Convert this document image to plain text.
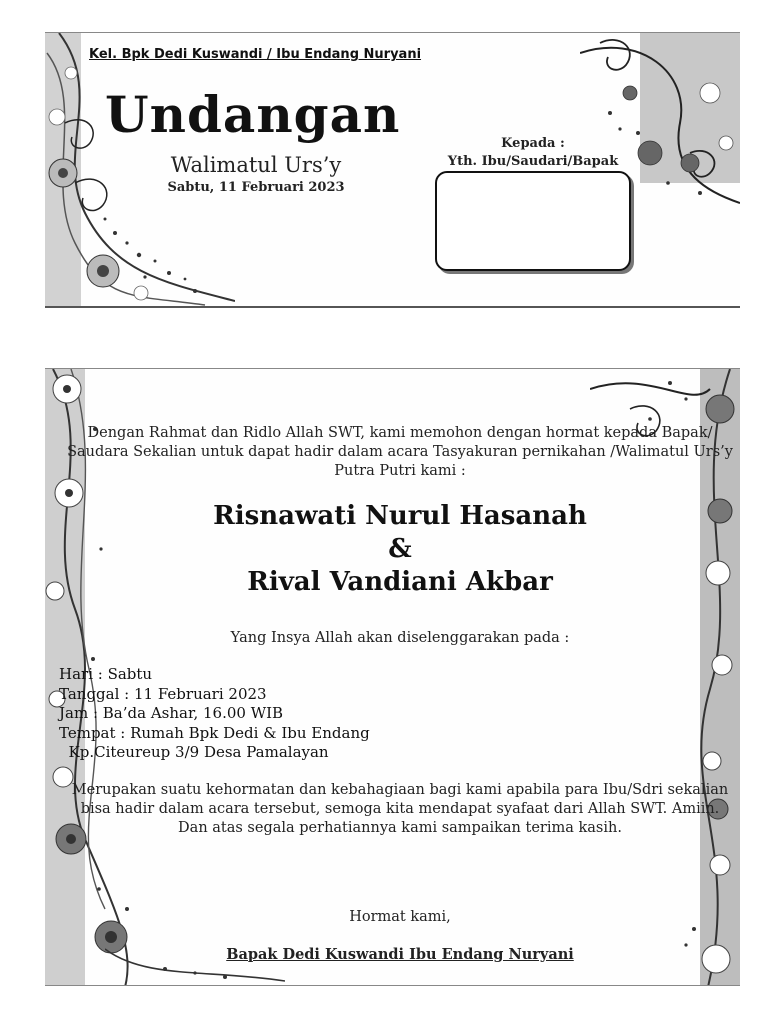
Kel. Bpk Dedi Kuswandi / Ibu Endang Nuryani
Undangan
Walimatul Urs’y
Sabtu, 11 Februari 2023
Kepada :
Yth. Ibu/Saudari/Bapak
Dengan Rahmat dan Ridlo Allah SWT, kami memohon dengan hormat kepada Bapak/
Saudara Sekalian untuk dapat hadir dalam acara Tasyakuran pernikahan /Walimatul Urs’y
Putra Putri kami :
Risnawati Nurul Hasanah
&
Rival Vandiani Akbar
Yang Insya Allah akan diselenggarakan pada :
Hari : Sabtu
Tanggal : 11 Februari 2023
Jam : Ba’da Ashar, 16.00 WIB
Tempat : Rumah Bpk Dedi & Ibu Endang
Kp.Citeureup 3/9 Desa Pamalayan
Merupakan suatu kehormatan dan kebahagiaan bagi kami apabila para Ibu/Sdri sekalian
bisa hadir dalam acara tersebut, semoga kita mendapat syafaat dari Allah SWT. Amiin.
Dan atas segala perhatiannya kami sampaikan terima kasih.
Hormat kami,
Bapak Dedi Kuswandi Ibu Endang Nuryani
